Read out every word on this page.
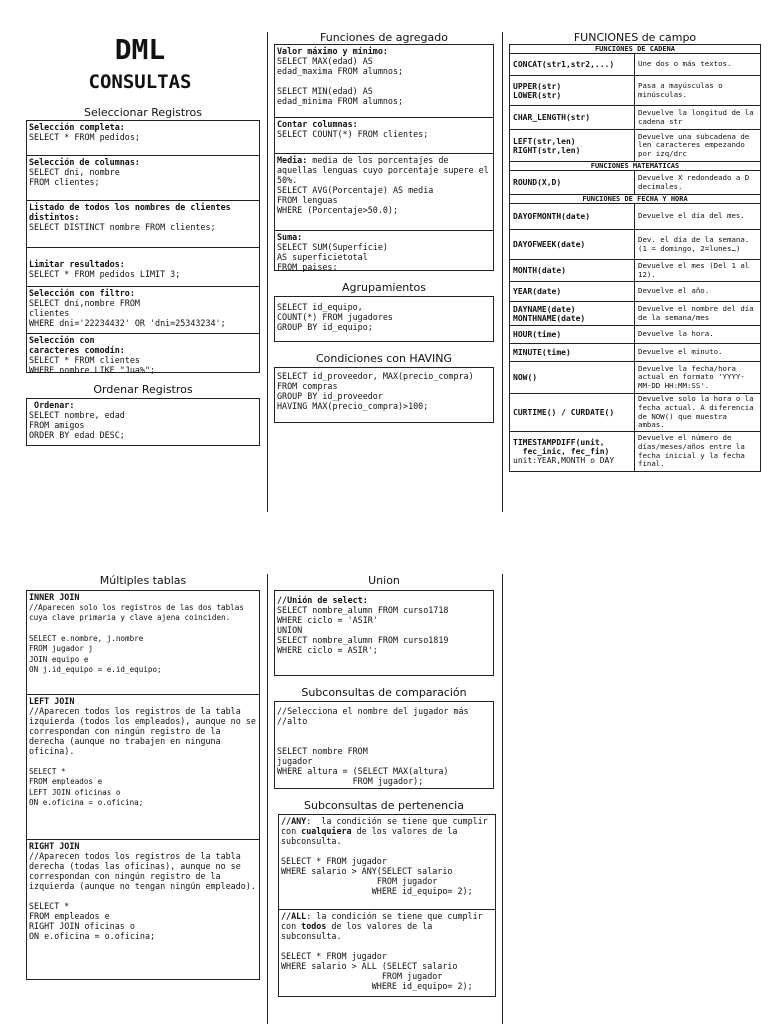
DML
CONSULTAS
Seleccionar Registros
Selección completa:
SELECT * FROM pedidos;
Selección de columnas:
SELECT dni, nombre
FROM clientes;
Listado de todos los nombres de clientes distintos:
SELECT DISTINCT nombre FROM clientes;

Limitar resultados:
SELECT * FROM pedidos LIMIT 3;
Selección con filtro:
SELECT dni,nombre FROM
clientes
WHERE dni='22234432' OR 'dni=25343234';
Selección con
caracteres comodín:
SELECT * FROM clientes
WHERE nombre LIKE "Jua%";
Ordenar Registros
Ordenar:
SELECT nombre, edad
FROM amigos
ORDER BY edad DESC;
Funciones de agregado
Valor máximo y mínimo:
SELECT MAX(edad) AS
edad_maxima FROM alumnos;

SELECT MIN(edad) AS
edad_minima FROM alumnos;
Contar columnas:
SELECT COUNT(*) FROM clientes;
Media: media de los porcentajes de aquellas lenguas cuyo porcentaje supere el 50%.
SELECT AVG(Porcentaje) AS media
FROM lenguas
WHERE (Porcentaje>50.0);
Suma:
SELECT SUM(Superficie)
AS superficietotal
FROM paises;
Agrupamientos
SELECT id_equipo,
COUNT(*) FROM jugadores
GROUP BY id_equipo;
Condiciones con HAVING
SELECT id_proveedor, MAX(precio_compra)
FROM compras
GROUP BY id_proveedor
HAVING MAX(precio_compra)>100;
FUNCIONES de campo
FUNCIONES DE CADENA	
CONCAT(str1,str2,...)	Une dos o más textos.
UPPER(str)
LOWER(str)	Pasa a mayúsculas o minúsculas.
CHAR_LENGTH(str)	Devuelve la longitud de la cadena str
LEFT(str,len)
RIGHT(str,len)	Devuelve una subcadena de len caracteres empezando por izq/drc
FUNCIONES MATEMÁTICAS	
ROUND(X,D)	Devuelve X redondeado a D decimales.
FUNCIONES DE FECHA Y HORA	
DAYOFMONTH(date)	Devuelve el día del mes.
DAYOFWEEK(date)	Dev. el día de la semana. (1 = domingo, 2=lunes…)
MONTH(date)	Devuelve el mes (Del 1 al 12).
YEAR(date)	Devuelve el año.
DAYNAME(date)
MONTHNAME(date)	Devuelve el nombre del día de la semana/mes
HOUR(time)	Devuelve la hora.
MINUTE(time)	Devuelve el minuto.
NOW()	Devuelve la fecha/hora actual en formato 'YYYY-MM-DD HH:MM:SS'.
CURTIME() / CURDATE()	Devuelve solo la hora o la fecha actual. A diferencia de NOW() que muestra ambas.
TIMESTAMPDIFF(unit,
fec_inic, fec_fin)
unit:YEAR,MONTH o DAY	Devuelve el número de días/meses/años entre la fecha inicial y la fecha final.
Múltiples tablas
INNER JOIN
//Aparecen solo los registros de las dos tablas cuya clave primaria y clave ajena coinciden.

SELECT e.nombre, j.nombre
FROM jugador j
JOIN equipo e
ON j.id_equipo = e.id_equipo;
LEFT JOIN
//Aparecen todos los registros de la tabla izquierda (todos los empleados), aunque no se correspondan con ningún registro de la derecha (aunque no trabajen en ninguna oficina).

SELECT *
FROM empleados e
LEFT JOIN oficinas o
ON e.oficina = o.oficina;
RIGHT JOIN
//Aparecen todos los registros de la tabla derecha (todas las oficinas), aunque no se correspondan con ningún registro de la izquierda (aunque no tengan ningún empleado).

SELECT *
FROM empleados e
RIGHT JOIN oficinas o
ON e.oficina = o.oficina;
Union
//Unión de select:
SELECT nombre_alumn FROM curso1718
WHERE ciclo = 'ASIR'
UNION
SELECT nombre_alumn FROM curso1819
WHERE ciclo = ASIR';
Subconsultas de comparación
//Selecciona el nombre del jugador más
//alto

SELECT nombre FROM
jugador
WHERE altura = (SELECT MAX(altura)
FROM jugador);
Subconsultas de pertenencia
//ANY:  la condición se tiene que cumplir con cualquiera de los valores de la subconsulta.

SELECT * FROM jugador
WHERE salario > ANY(SELECT salario
FROM jugador
WHERE id_equipo= 2);
//ALL: la condición se tiene que cumplir con todos de los valores de la subconsulta.

SELECT * FROM jugador
WHERE salario > ALL (SELECT salario
FROM jugador
WHERE id_equipo= 2);
